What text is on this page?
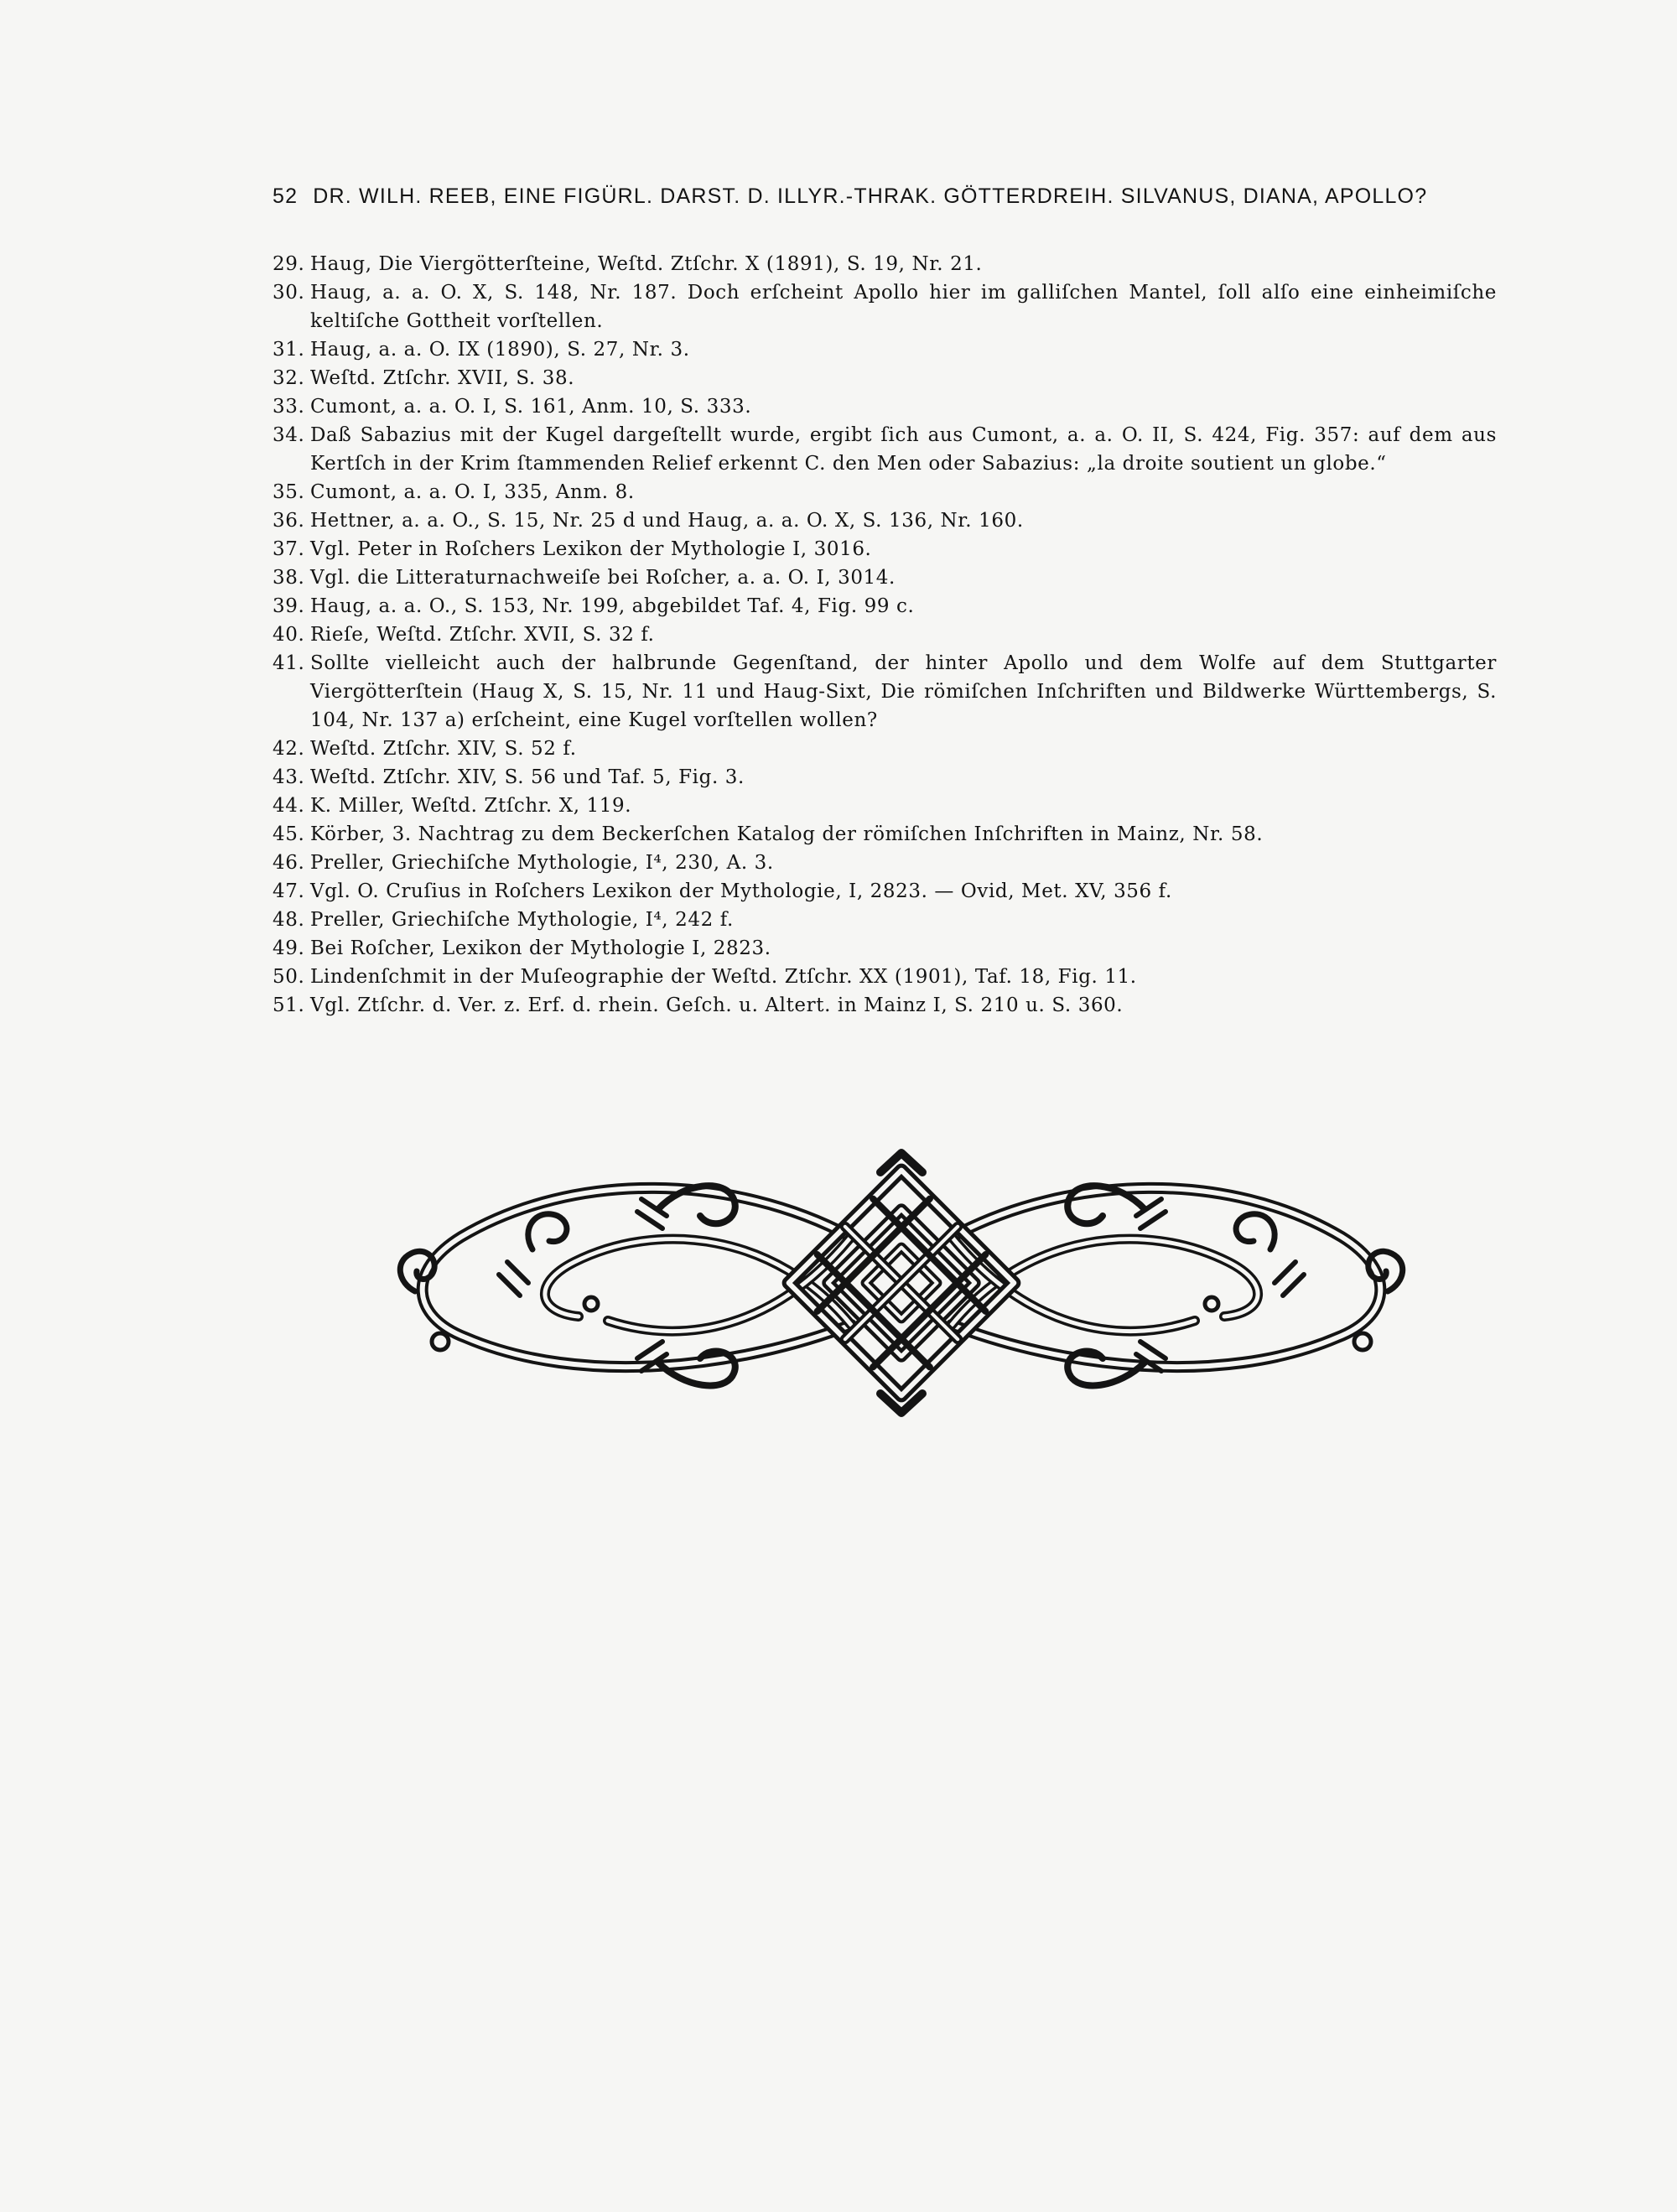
52 DR. WILH. REEB, EINE FIGÜRL. DARST. D. ILLYR.-THRAK. GÖTTERDREIH. SILVANUS, DIANA, APOLLO?
29. Haug, Die Viergötterſteine, Weſtd. Ztſchr. X (1891), S. 19, Nr. 21.
30. Haug, a. a. O. X, S. 148, Nr. 187. Doch erſcheint Apollo hier im galliſchen Mantel, ſoll alſo eine einheimiſche keltiſche Gottheit vorſtellen.
31. Haug, a. a. O. IX (1890), S. 27, Nr. 3.
32. Weſtd. Ztſchr. XVII, S. 38.
33. Cumont, a. a. O. I, S. 161, Anm. 10, S. 333.
34. Daß Sabazius mit der Kugel dargeſtellt wurde, ergibt ſich aus Cumont, a. a. O. II, S. 424, Fig. 357: auf dem aus Kertſch in der Krim ſtammenden Relief erkennt C. den Men oder Sabazius: „la droite soutient un globe.“
35. Cumont, a. a. O. I, 335, Anm. 8.
36. Hettner, a. a. O., S. 15, Nr. 25 d und Haug, a. a. O. X, S. 136, Nr. 160.
37. Vgl. Peter in Roſchers Lexikon der Mythologie I, 3016.
38. Vgl. die Litteraturnachweiſe bei Roſcher, a. a. O. I, 3014.
39. Haug, a. a. O., S. 153, Nr. 199, abgebildet Taf. 4, Fig. 99 c.
40. Rieſe, Weſtd. Ztſchr. XVII, S. 32 f.
41. Sollte vielleicht auch der halbrunde Gegenſtand, der hinter Apollo und dem Wolfe auf dem Stuttgarter Viergötterſtein (Haug X, S. 15, Nr. 11 und Haug-Sixt, Die römiſchen Inſchriften und Bildwerke Württembergs, S. 104, Nr. 137 a) erſcheint, eine Kugel vorſtellen wollen?
42. Weſtd. Ztſchr. XIV, S. 52 f.
43. Weſtd. Ztſchr. XIV, S. 56 und Taf. 5, Fig. 3.
44. K. Miller, Weſtd. Ztſchr. X, 119.
45. Körber, 3. Nachtrag zu dem Beckerſchen Katalog der römiſchen Inſchriften in Mainz, Nr. 58.
46. Preller, Griechiſche Mythologie, I⁴, 230, A. 3.
47. Vgl. O. Cruſius in Roſchers Lexikon der Mythologie, I, 2823. — Ovid, Met. XV, 356 f.
48. Preller, Griechiſche Mythologie, I⁴, 242 f.
49. Bei Roſcher, Lexikon der Mythologie I, 2823.
50. Lindenſchmit in der Muſeographie der Weſtd. Ztſchr. XX (1901), Taf. 18, Fig. 11.
51. Vgl. Ztſchr. d. Ver. z. Erf. d. rhein. Geſch. u. Altert. in Mainz I, S. 210 u. S. 360.
